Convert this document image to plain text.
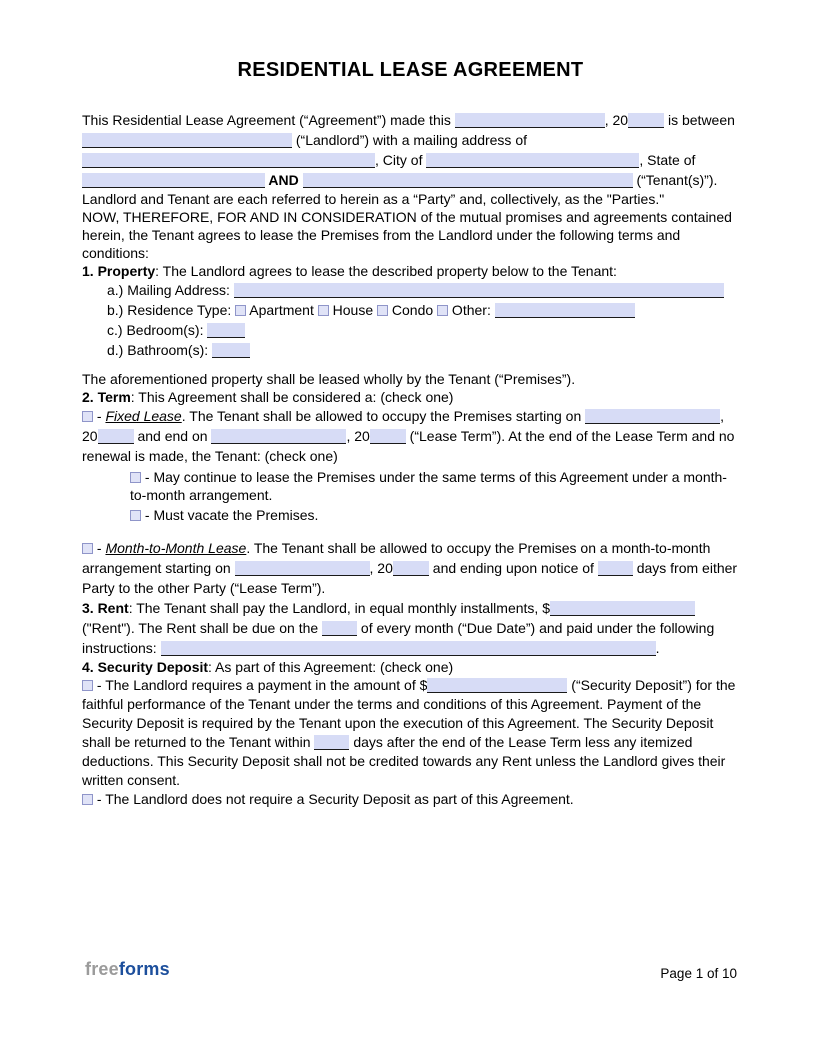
RESIDENTIAL LEASE AGREEMENT

This Residential Lease Agreement (“Agreement”) made this	, 20	is between  (“Landlord”) with a mailing address of , City of	, State of  AND	(“Tenant(s)”).

Landlord and Tenant are each referred to herein as a “Party” and, collectively, as the "Parties."

NOW, THEREFORE, FOR AND IN CONSIDERATION of the mutual promises and agreements contained herein, the Tenant agrees to lease the Premises from the Landlord under the following terms and conditions:

1. Property: The Landlord agrees to lease the described property below to the Tenant:

a.) Mailing Address:

b.) Residence Type:  Apartment  House  Condo  Other:

c.) Bedroom(s):

d.) Bathroom(s):

The aforementioned property shall be leased wholly by the Tenant (“Premises”).

2. Term: This Agreement shall be considered a: (check one)

- Fixed Lease. The Tenant shall be allowed to occupy the Premises starting on	, 20	and end on	, 20	(“Lease Term”). At the end of the Lease Term and no renewal is made, the Tenant: (check one)

- May continue to lease the Premises under the same terms of this Agreement under a month-to-month arrangement.

- Must vacate the Premises.

- Month-to-Month Lease. The Tenant shall be allowed to occupy the Premises on a month-to-month arrangement starting on	, 20	and ending upon notice of	days from either Party to the other Party (“Lease Term”).

3. Rent: The Tenant shall pay the Landlord, in equal monthly installments, $ ("Rent"). The Rent shall be due on the	of every month (“Due Date”) and paid under the following instructions:	.

4. Security Deposit: As part of this Agreement: (check one)

- The Landlord requires a payment in the amount of $	(“Security Deposit”) for the faithful performance of the Tenant under the terms and conditions of this Agreement. Payment of the Security Deposit is required by the Tenant upon the execution of this Agreement. The Security Deposit shall be returned to the Tenant within	days after the end of the Lease Term less any itemized deductions. This Security Deposit shall not be credited towards any Rent unless the Landlord gives their written consent.

- The Landlord does not require a Security Deposit as part of this Agreement.

freeforms	Page 1 of 10
